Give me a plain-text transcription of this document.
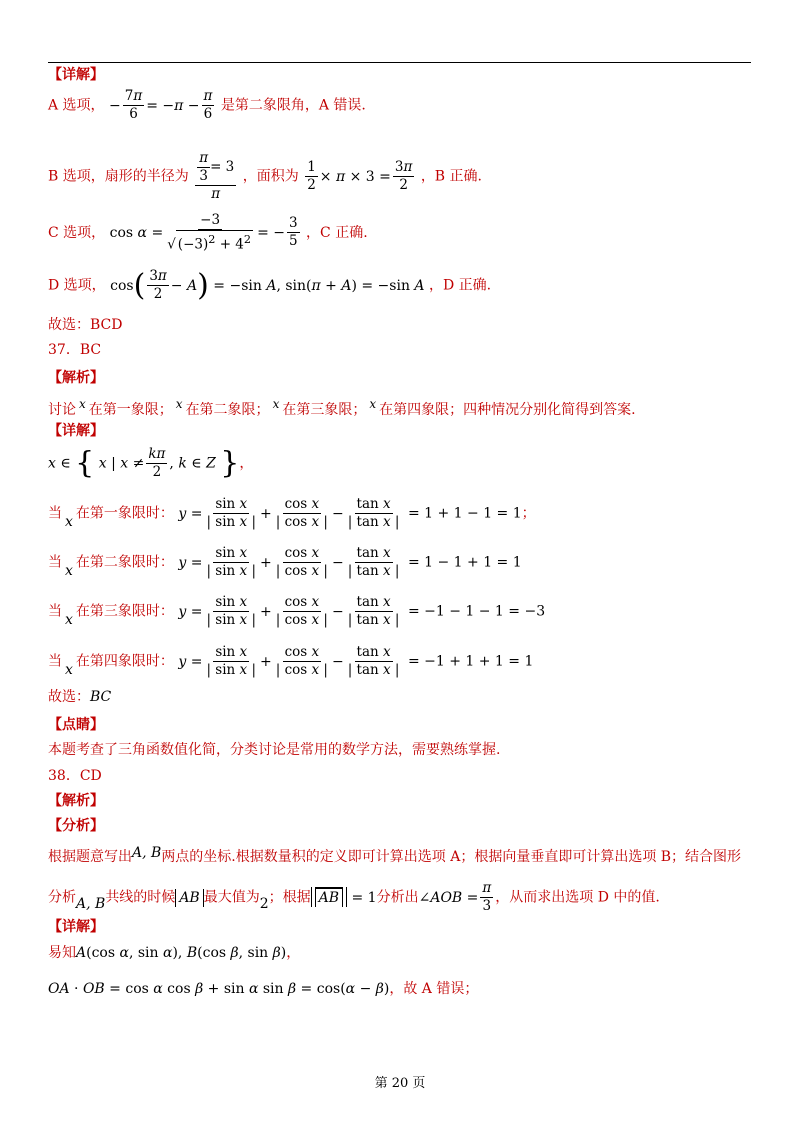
【详解】
A 选项， − $\frac{7\pi}{6} = -\pi - \frac{\pi}{6}$ 是第二象限角，A 错误.
B 选项，扇形的半径为 $\frac{\frac{\pi}{3} = 3}{\pi}$ ，面积为 $\frac{1}{2} \times \pi \times 3 = \frac{3\pi}{2}$ ，B 正确.
C 选项， $\cos \alpha = \frac{-3}{√ (-3)^2 + 4^2}$ = − $\frac{3}{5}$ ，C 正确.
D 选项， $\cos( \frac{3\pi}{2} - A) = -\sin$ A, sin(π + A) = −sin A ，D 正确.
故选：BCD
37．BC
【解析】
讨论 x 在第一象限； x 在第二象限； x 在第三象限； x 在第四象限；四种情况分别化简得到答案.
【详解】
x ∈ { x | $x \ne \frac{k\pi}{2}$ , k ∈ Z }，
当 x 在第一象限时： $y = \frac{\text{sin x}}{\text{| sin x |}} + \frac{\text{cos x}}{\text{| cos x |}} - \frac{\text{tan x}}{\text{| tan x |}} = 1 + 1 - 1 = 1$；
当 x 在第二象限时： $y = \frac{\text{sin x}}{\text{| sin x |}} + \frac{\text{cos x}}{\text{| cos x |}} - \frac{\text{tan x}}{\text{| tan x |}} = 1 - 1 + 1 = 1$
当 x 在第三象限时： $y = \frac{\text{sin x}}{\text{| sin x |}} + \frac{\text{cos x}}{\text{| cos x |}} - \frac{\text{tan x}}{\text{| tan x |}} = -1 - 1 - 1 = -3$
当 x 在第四象限时： $y = \frac{\text{sin x}}{\text{| sin x |}} + \frac{\text{cos x}}{\text{| cos x |}} - \frac{\text{tan x}}{\text{| tan x |}} = -1 + 1 + 1 = 1$
故选：BC
【点睛】
本题考查了三角函数值化简，分类讨论是常用的数学方法，需要熟练掌握.
38．CD
【解析】
【分析】
根据题意写出A, B两点的坐标.根据数量积的定义即可计算出选项 A；根据向量垂直即可计算出选项 B；结合图形
分析A, B共线的时候 AB 最大值为2；根据 AB = 1分析出∠AOB = $\frac{\pi}{3}$ ，从而求出选项 D 中的值.
【详解】
易知A(cos α, sin α), B(cos β, sin β)，
OA · OB = cos α cos β + sin α sin β = cos(α − β)，故 A 错误；
第 20 页
